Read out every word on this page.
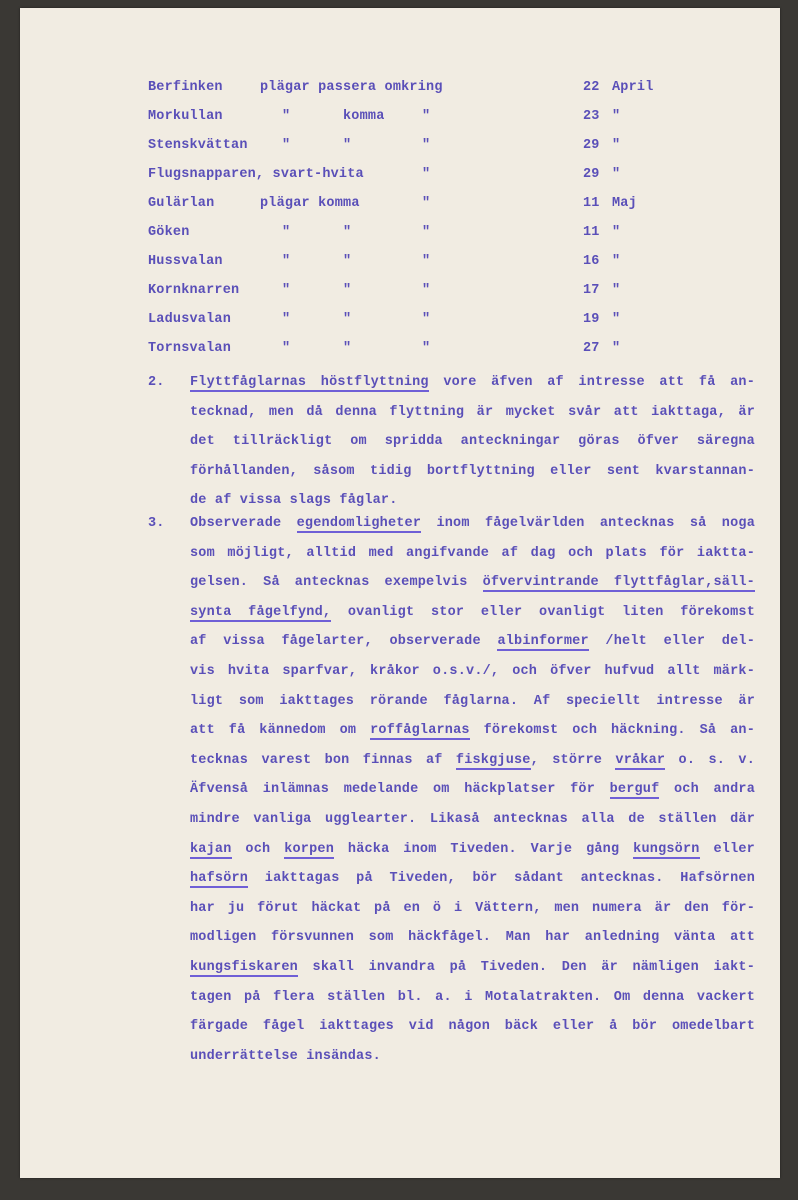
Berfinken	plägar passera omkring	22 April
Morkullan	"	komma	"	23 "
Stenskvättan	"	"	"	29 "
Flugsnapparen, svart-hvita	"	29 "
Gulärlan	plägar komma	"	11 Maj
Göken	"	"	"	11 "
Hussvalan	"	"	"	16 "
Kornknarren	"	"	"	17 "
Ladusvalan	"	"	"	19 "
Tornsvalan	"	"	"	27 "
2. Flyttfåglarnas höstflyttning vore äfven af intresse att få an-
tecknad, men då denna flyttning är mycket svår att iakttaga, är
det tillräckligt om spridda anteckningar göras öfver säregna
förhållanden, såsom tidig bortflyttning eller sent kvarstannan-
de af vissa slags fåglar.
3. Observerade egendomligheter inom fågelvärlden antecknas så noga
som möjligt, alltid med angifvande af dag och plats för iaktta-
gelsen. Så antecknas exempelvis öfvervintrande flyttfåglar,säll-
synta fågelfynd, ovanligt stor eller ovanligt liten förekomst
af vissa fågelarter, observerade albinformer /helt eller del-
vis hvita sparfvar, kråkor o.s.v./, och öfver hufvud allt märk-
ligt som iakttages rörande fåglarna. Af speciellt intresse är
att få kännedom om roffåglarnas förekomst och häckning. Så an-
tecknas varest bon finnas af fiskgjuse, större vråkar o. s. v.
Äfvenså inlämnas medelande om häckplatser för berguf och andra
mindre vanliga ugglearter. Likaså antecknas alla de ställen där
kajan och korpen häcka inom Tiveden. Varje gång kungsörn eller
hafsörn iakttagas på Tiveden, bör sådant antecknas. Hafsörnen
har ju förut häckat på en ö i Vättern, men numera är den för-
modligen försvunnen som häckfågel. Man har anledning vänta att
kungsfiskaren skall invandra på Tiveden. Den är nämligen iakt-
tagen på flera ställen bl. a. i Motalatrakten. Om denna vackert
färgade fågel iakttages vid någon bäck eller å bör omedelbart
underrättelse insändas.
